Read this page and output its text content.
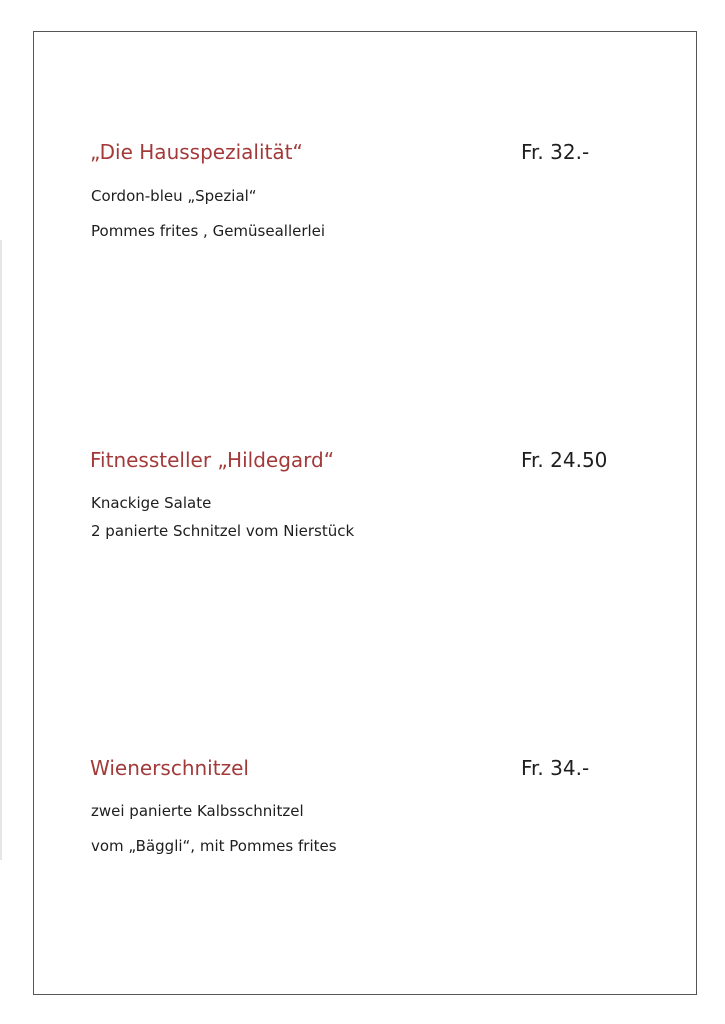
„Die Hausspezialität“	Fr. 32.-
Cordon-bleu „Spezial“
Pommes frites , Gemüseallerlei
Fitnessteller „Hildegard“	Fr. 24.50
Knackige Salate
2 panierte Schnitzel vom Nierstück
Wienerschnitzel	Fr. 34.-
zwei panierte Kalbsschnitzel
vom „Bäggli“, mit Pommes frites
